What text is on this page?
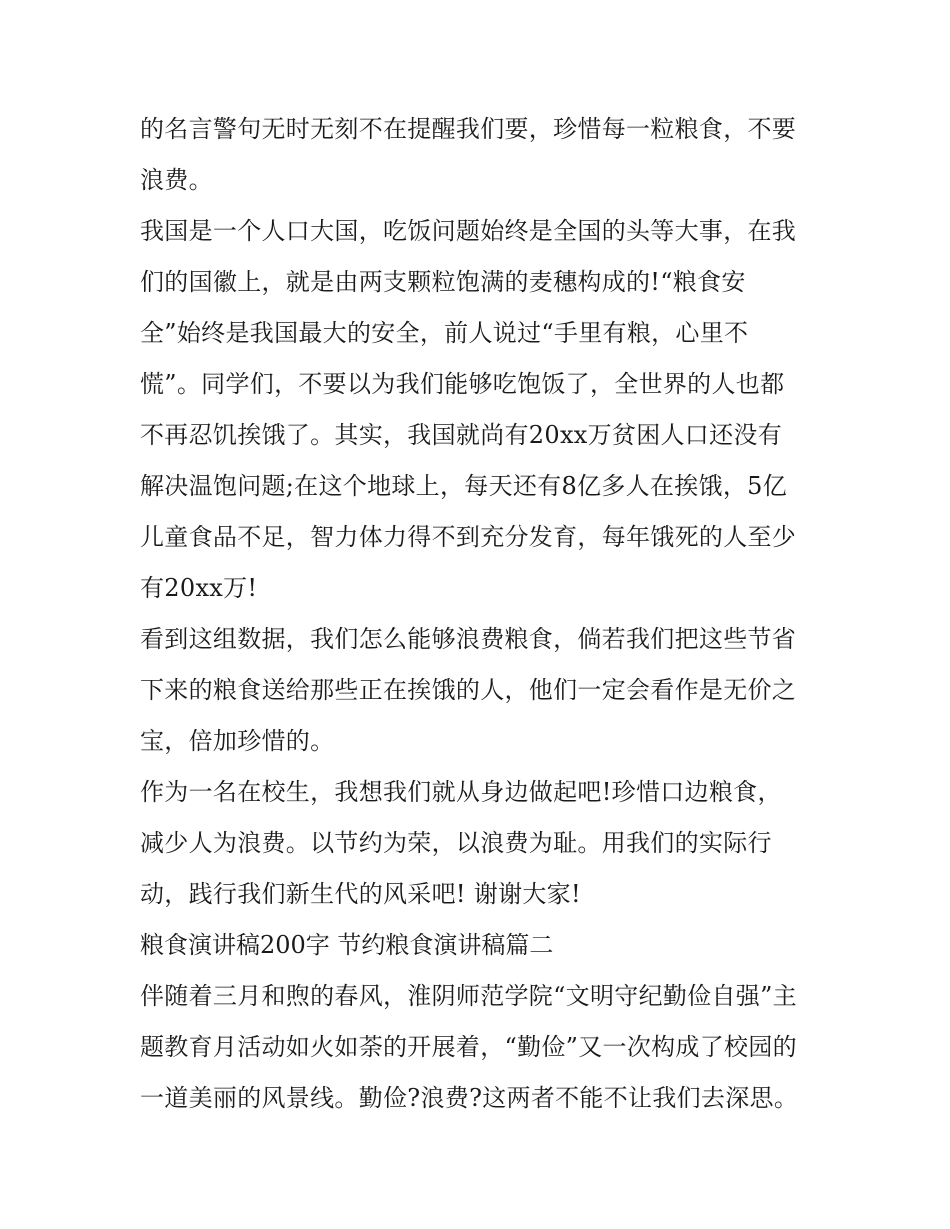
的名言警句无时无刻不在提醒我们要，珍惜每一粒粮食，不要
浪费。
我国是一个人口大国，吃饭问题始终是全国的头等大事，在我
们的国徽上，就是由两支颗粒饱满的麦穗构成的!“粮食安
全”始终是我国最大的安全，前人说过“手里有粮，心里不
慌”。同学们，不要以为我们能够吃饱饭了，全世界的人也都
不再忍饥挨饿了。其实，我国就尚有20xx万贫困人口还没有
解决温饱问题;在这个地球上，每天还有8亿多人在挨饿，5亿
儿童食品不足，智力体力得不到充分发育，每年饿死的人至少
有20xx万!
看到这组数据，我们怎么能够浪费粮食，倘若我们把这些节省
下来的粮食送给那些正在挨饿的人，他们一定会看作是无价之
宝，倍加珍惜的。
作为一名在校生，我想我们就从身边做起吧!珍惜口边粮食，
减少人为浪费。以节约为荣，以浪费为耻。用我们的实际行
动，践行我们新生代的风采吧! 谢谢大家!
粮食演讲稿200字 节约粮食演讲稿篇二
伴随着三月和煦的春风，淮阴师范学院“文明守纪勤俭自强”主
题教育月活动如火如荼的开展着，“勤俭”又一次构成了校园的
一道美丽的风景线。勤俭?浪费?这两者不能不让我们去深思。
